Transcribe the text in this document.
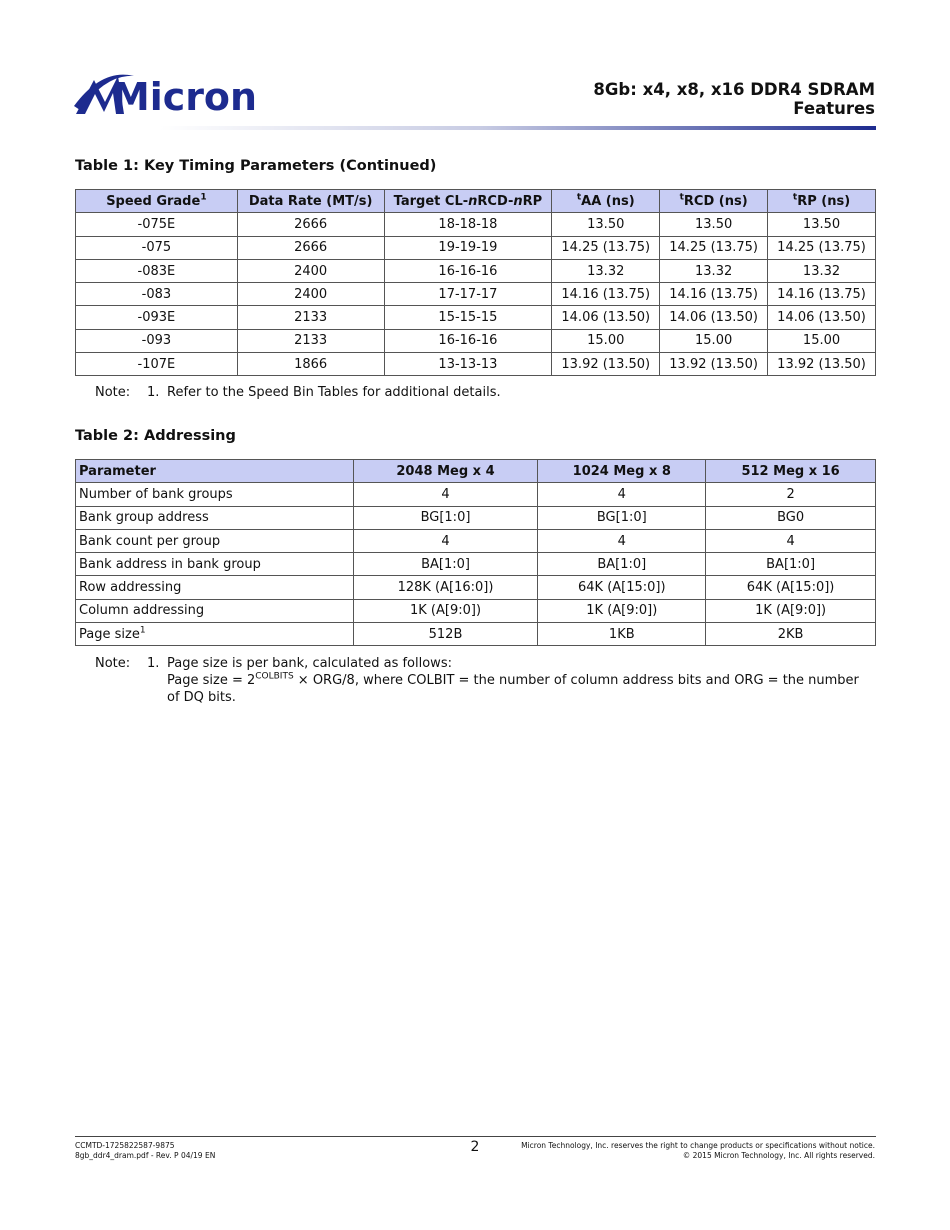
Micron	8Gb: x4, x8, x16 DDR4 SDRAM
Features
Table 1: Key Timing Parameters (Continued)
Speed Grade$^1$	Data Rate (MT/s)	Target CL-nRCD-nRP	$^t$AA (ns)	$^t$RCD (ns)	$^t$RP (ns)
-075E	2666	18-18-18	13.50	13.50	13.50
-075	2666	19-19-19	14.25 (13.75)	14.25 (13.75)	14.25 (13.75)
-083E	2400	16-16-16	13.32	13.32	13.32
-083	2400	17-17-17	14.16 (13.75)	14.16 (13.75)	14.16 (13.75)
-093E	2133	15-15-15	14.06 (13.50)	14.06 (13.50)	14.06 (13.50)
-093	2133	16-16-16	15.00	15.00	15.00
-107E	1866	13-13-13	13.92 (13.50)	13.92 (13.50)	13.92 (13.50)
Note: 1. Refer to the Speed Bin Tables for additional details.
Table 2: Addressing
Parameter	2048 Meg x 4	1024 Meg x 8	512 Meg x 16
Number of bank groups	4	4	2
Bank group address	BG[1:0]	BG[1:0]	BG0
Bank count per group	4	4	4
Bank address in bank group	BA[1:0]	BA[1:0]	BA[1:0]
Row addressing	128K (A[16:0])	64K (A[15:0])	64K (A[15:0])
Column addressing	1K (A[9:0])	1K (A[9:0])	1K (A[9:0])
Page size$^1$	512B	1KB	2KB
Note: 1. Page size is per bank, calculated as follows:
Page size = $2^{COLBITS} \times ORG/8$, where COLBIT = the number of column address bits and ORG = the number of DQ bits.
CCMTD-1725822587-9875
8gb_ddr4_dram.pdf - Rev. P 04/19 EN
2	Micron Technology, Inc. reserves the right to change products or specifications without notice.
© 2015 Micron Technology, Inc. All rights reserved.
